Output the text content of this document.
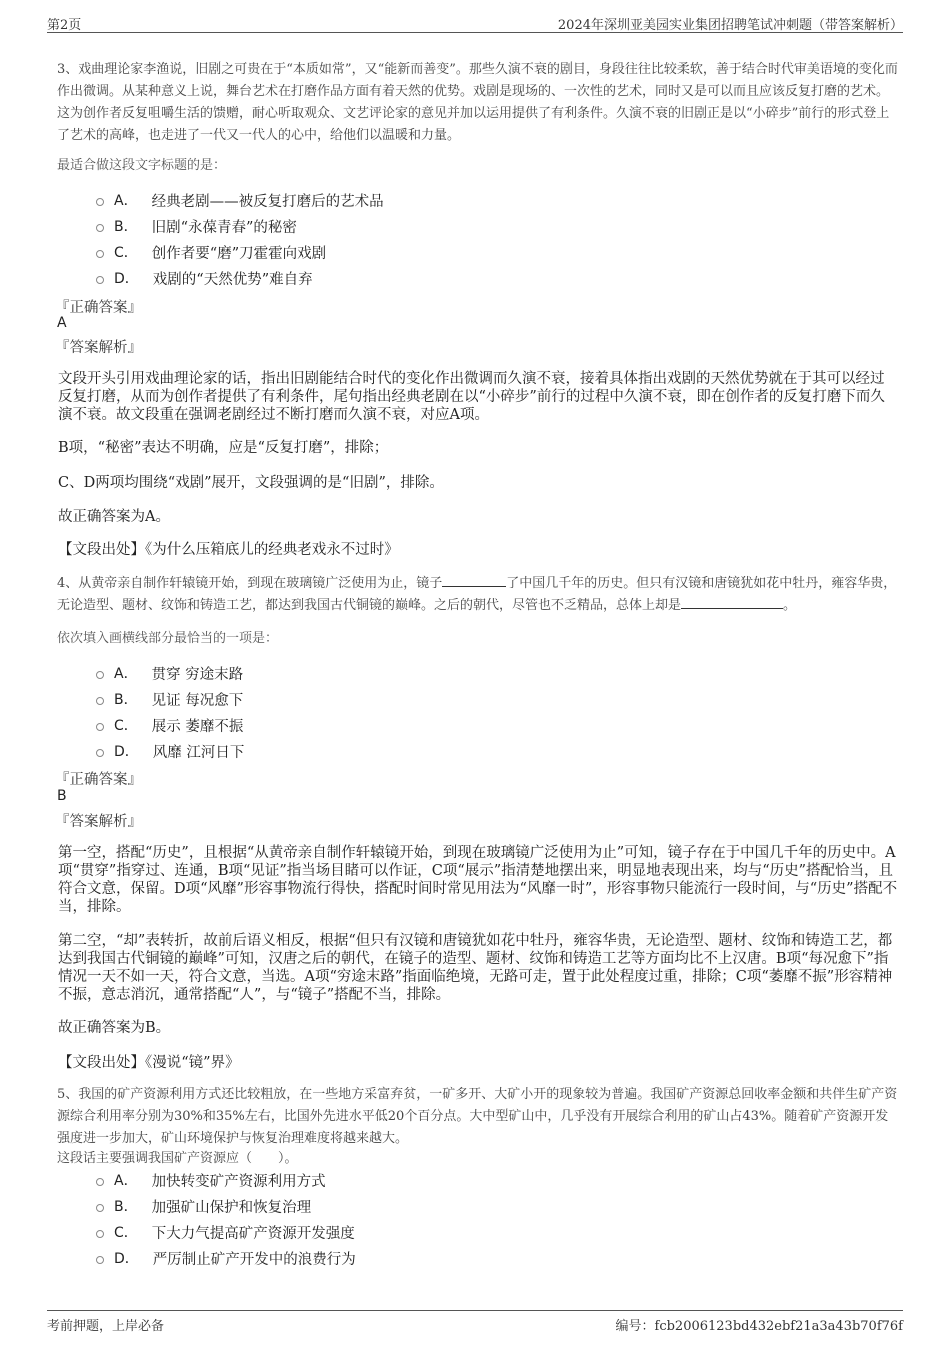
第2页	2024年深圳亚美园实业集团招聘笔试冲刺题（带答案解析）

3、戏曲理论家李渔说，旧剧之可贵在于“本质如常”，又“能新而善变”。那些久演不衰的剧目，身段往往比较柔软，善于结合时代审美语境的变化而作出微调。从某种意义上说，舞台艺术在打磨作品方面有着天然的优势。戏剧是现场的、一次性的艺术，同时又是可以而且应该反复打磨的艺术。这为创作者反复咀嚼生活的馈赠，耐心听取观众、文艺评论家的意见并加以运用提供了有利条件。久演不衰的旧剧正是以“小碎步”前行的形式登上了艺术的高峰，也走进了一代又一代人的心中，给他们以温暖和力量。

最适合做这段文字标题的是：
A． 经典老剧——被反复打磨后的艺术品
B． 旧剧“永葆青春”的秘密
C． 创作者要“磨”刀霍霍向戏剧
D． 戏剧的“天然优势”难自弃
『正确答案』
A
『答案解析』

文段开头引用戏曲理论家的话，指出旧剧能结合时代的变化作出微调而久演不衰，接着具体指出戏剧的天然优势就在于其可以经过反复打磨，从而为创作者提供了有利条件，尾句指出经典老剧在以“小碎步”前行的过程中久演不衰，即在创作者的反复打磨下而久演不衰。故文段重在强调老剧经过不断打磨而久演不衰，对应A项。

B项，“秘密”表达不明确，应是“反复打磨”，排除；

C、D两项均围绕“戏剧”展开，文段强调的是“旧剧”，排除。

故正确答案为A。

【文段出处】《为什么压箱底儿的经典老戏永不过时》

4、从黄帝亲自制作轩辕镜开始，到现在玻璃镜广泛使用为止，镜子	了中国几千年的历史。但只有汉镜和唐镜犹如花中牡丹，雍容华贵，无论造型、题材、纹饰和铸造工艺，都达到我国古代铜镜的巅峰。之后的朝代，尽管也不乏精品，总体上却是	。

依次填入画横线部分最恰当的一项是：
A． 贯穿 穷途末路
B． 见证 每况愈下
C． 展示 萎靡不振
D． 风靡 江河日下
『正确答案』
B
『答案解析』

第一空，搭配“历史”，且根据“从黄帝亲自制作轩辕镜开始，到现在玻璃镜广泛使用为止”可知，镜子存在于中国几千年的历史中。A项“贯穿”指穿过、连通，B项“见证”指当场目睹可以作证，C项“展示”指清楚地摆出来，明显地表现出来，均与“历史”搭配恰当，且符合文意，保留。D项“风靡”形容事物流行得快，搭配时间时常见用法为“风靡一时”，形容事物只能流行一段时间，与“历史”搭配不当，排除。

第二空，“却”表转折，故前后语义相反，根据“但只有汉镜和唐镜犹如花中牡丹，雍容华贵，无论造型、题材、纹饰和铸造工艺，都达到我国古代铜镜的巅峰”可知，汉唐之后的朝代，在镜子的造型、题材、纹饰和铸造工艺等方面均比不上汉唐。B项“每况愈下”指情况一天不如一天，符合文意，当选。A项“穷途末路”指面临绝境，无路可走，置于此处程度过重，排除；C项“萎靡不振”形容精神不振，意志消沉，通常搭配“人”，与“镜子”搭配不当，排除。

故正确答案为B。

【文段出处】《漫说“镜”界》

5、我国的矿产资源利用方式还比较粗放，在一些地方采富弃贫，一矿多开、大矿小开的现象较为普遍。我国矿产资源总回收率金额和共伴生矿产资源综合利用率分别为30%和35%左右，比国外先进水平低20个百分点。大中型矿山中，几乎没有开展综合利用的矿山占43%。随着矿产资源开发强度进一步加大，矿山环境保护与恢复治理难度将越来越大。

这段话主要强调我国矿产资源应（　　）。
A． 加快转变矿产资源利用方式
B． 加强矿山保护和恢复治理
C． 下大力气提高矿产资源开发强度
D． 严厉制止矿产开发中的浪费行为
考前押题，上岸必备	编号：fcb2006123bd432ebf21a3a43b70f76f
